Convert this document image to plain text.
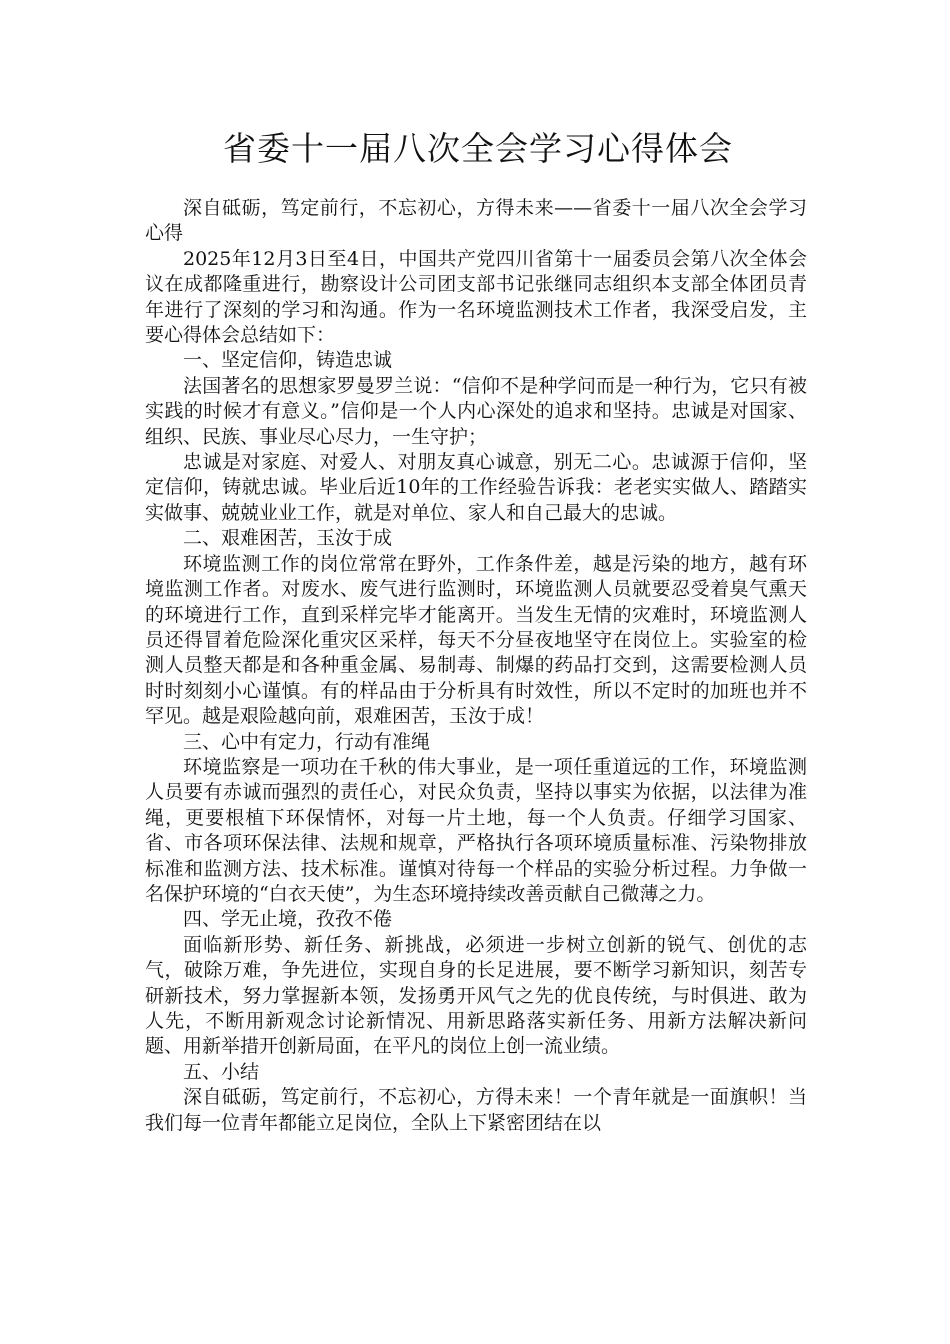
省委十一届八次全会学习心得体会

深自砥砺，笃定前行，不忘初心，方得未来——省委十一届八次全会学习心得

2025年12月3日至4日，中国共产党四川省第十一届委员会第八次全体会议在成都隆重进行，勘察设计公司团支部书记张继同志组织本支部全体团员青年进行了深刻的学习和沟通。作为一名环境监测技术工作者，我深受启发，主要心得体会总结如下：

一、坚定信仰，铸造忠诚

法国著名的思想家罗曼罗兰说：“信仰不是种学问而是一种行为，它只有被实践的时候才有意义。”信仰是一个人内心深处的追求和坚持。忠诚是对国家、组织、民族、事业尽心尽力，一生守护；

忠诚是对家庭、对爱人、对朋友真心诚意，别无二心。忠诚源于信仰，坚定信仰，铸就忠诚。毕业后近10年的工作经验告诉我：老老实实做人、踏踏实实做事、兢兢业业工作，就是对单位、家人和自己最大的忠诚。

二、艰难困苦，玉汝于成

环境监测工作的岗位常常在野外，工作条件差，越是污染的地方，越有环境监测工作者。对废水、废气进行监测时，环境监测人员就要忍受着臭气熏天的环境进行工作，直到采样完毕才能离开。当发生无情的灾难时，环境监测人员还得冒着危险深化重灾区采样，每天不分昼夜地坚守在岗位上。实验室的检测人员整天都是和各种重金属、易制毒、制爆的药品打交到，这需要检测人员时时刻刻小心谨慎。有的样品由于分析具有时效性，所以不定时的加班也并不罕见。越是艰险越向前，艰难困苦，玉汝于成！

三、心中有定力，行动有准绳

环境监察是一项功在千秋的伟大事业，是一项任重道远的工作，环境监测人员要有赤诚而强烈的责任心，对民众负责，坚持以事实为依据，以法律为准绳，更要根植下环保情怀，对每一片土地，每一个人负责。仔细学习国家、省、市各项环保法律、法规和规章，严格执行各项环境质量标准、污染物排放标准和监测方法、技术标准。谨慎对待每一个样品的实验分析过程。力争做一名保护环境的“白衣天使”，为生态环境持续改善贡献自己微薄之力。

四、学无止境，孜孜不倦

面临新形势、新任务、新挑战，必须进一步树立创新的锐气、创优的志气，破除万难，争先进位，实现自身的长足进展，要不断学习新知识，刻苦专研新技术，努力掌握新本领，发扬勇开风气之先的优良传统，与时俱进、敢为人先，不断用新观念讨论新情况、用新思路落实新任务、用新方法解决新问题、用新举措开创新局面，在平凡的岗位上创一流业绩。

五、小结

深自砥砺，笃定前行，不忘初心，方得未来！一个青年就是一面旗帜！当我们每一位青年都能立足岗位，全队上下紧密团结在以
